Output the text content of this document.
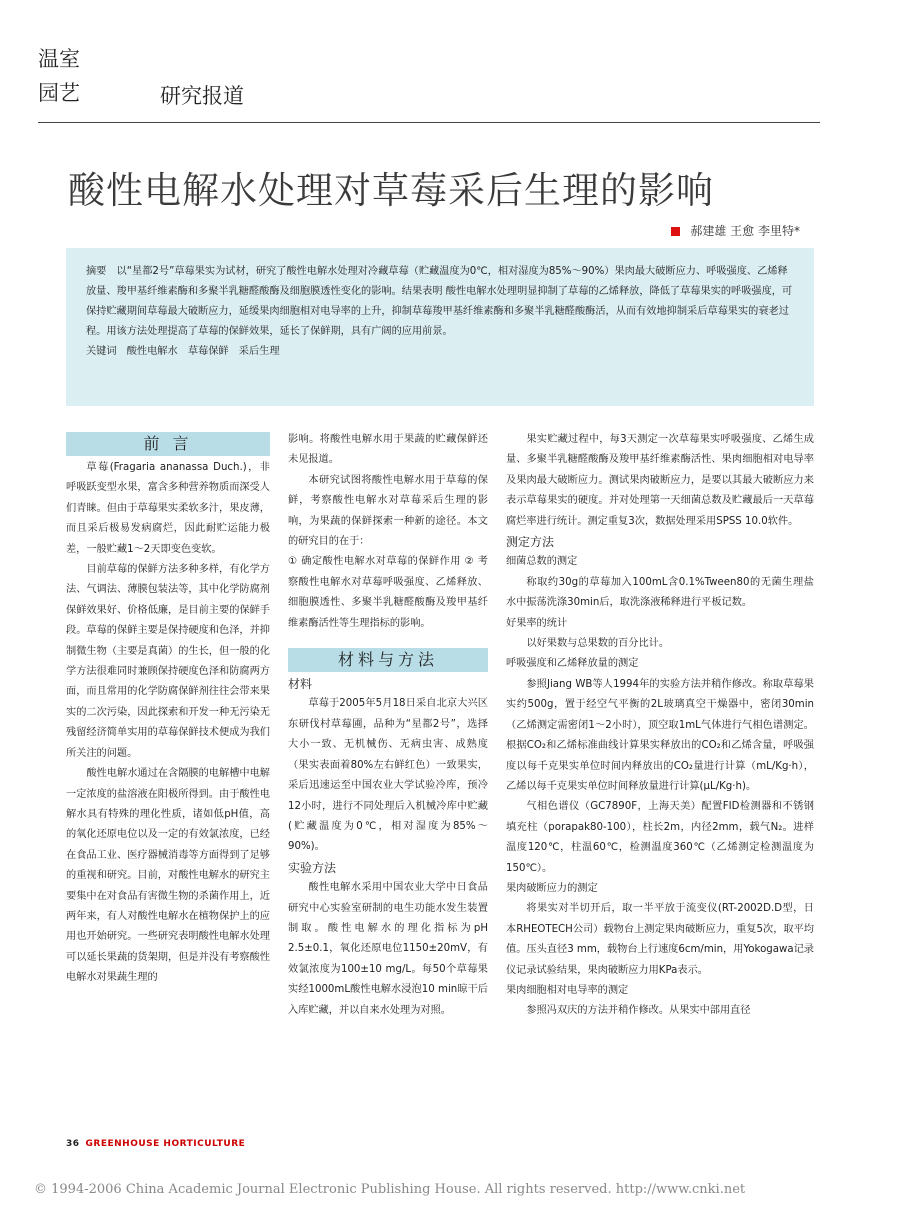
温室
园艺	研究报道
酸性电解水处理对草莓采后生理的影响
郝建雄 王愈 李里特*

摘要　以“星都2号”草莓果实为试材，研究了酸性电解水处理对冷藏草莓（贮藏温度为0℃，相对湿度为85%～90%）果肉最大破断应力、呼吸强度、乙烯释放量、羧甲基纤维素酶和多聚半乳糖醛酸酶及细胞膜透性变化的影响。结果表明 酸性电解水处理明显抑制了草莓的乙烯释放，降低了草莓果实的呼吸强度，可保持贮藏期间草莓最大破断应力，延缓果肉细胞相对电导率的上升，抑制草莓羧甲基纤维素酶和多聚半乳糖醛酸酶活，从而有效地抑制采后草莓果实的衰老过程。用该方法处理提高了草莓的保鲜效果，延长了保鲜期，具有广阔的应用前景。

关键词　酸性电解水　草莓保鲜　采后生理

前 言

草莓(Fragaria ananassa Duch.)，非呼吸跃变型水果，富含多种营养物质而深受人们青睐。但由于草莓果实柔软多汁，果皮薄，而且采后极易发病腐烂，因此耐贮运能力极差，一般贮藏1～2天即变色变软。

目前草莓的保鲜方法多种多样，有化学方法、气调法、薄膜包装法等，其中化学防腐剂保鲜效果好、价格低廉，是目前主要的保鲜手段。草莓的保鲜主要是保持硬度和色泽，并抑制微生物（主要是真菌）的生长，但一般的化学方法很难同时兼顾保持硬度色泽和防腐两方面，而且常用的化学防腐保鲜剂往往会带来果实的二次污染，因此探索和开发一种无污染无残留经济简单实用的草莓保鲜技术便成为我们所关注的问题。

酸性电解水通过在含隔膜的电解槽中电解一定浓度的盐溶液在阳极所得到。由于酸性电解水具有特殊的理化性质，诸如低pH值，高的氧化还原电位以及一定的有效氯浓度，已经在食品工业、医疗器械消毒等方面得到了足够的重视和研究。目前，对酸性电解水的研究主要集中在对食品有害微生物的杀菌作用上，近两年来，有人对酸性电解水在植物保护上的应用也开始研究。一些研究表明酸性电解水处理可以延长果蔬的货架期，但是并没有考察酸性电解水对果蔬生理的

影响。将酸性电解水用于果蔬的贮藏保鲜还未见报道。

本研究试图将酸性电解水用于草莓的保鲜，考察酸性电解水对草莓采后生理的影响，为果蔬的保鲜探索一种新的途径。本文的研究目的在于：

① 确定酸性电解水对草莓的保鲜作用 ② 考察酸性电解水对草莓呼吸强度、乙烯释放、细胞膜透性、多聚半乳糖醛酸酶及羧甲基纤维素酶活性等生理指标的影响。

材料与方法

材料

草莓于2005年5月18日采自北京大兴区东研伐村草莓圃，品种为“星都2号”，选择大小一致、无机械伤、无病虫害、成熟度（果实表面着80%左右鲜红色）一致果实，采后迅速运至中国农业大学试验冷库，预冷12小时，进行不同处理后入机械冷库中贮藏(贮藏温度为0℃，相对湿度为85%～90%)。

实验方法

酸性电解水采用中国农业大学中日食品研究中心实验室研制的电生功能水发生装置制取。酸性电解水的理化指标为pH 2.5±0.1，氧化还原电位1150±20mV，有效氯浓度为100±10 mg/L。每50个草莓果实经1000mL酸性电解水浸泡10 min晾干后入库贮藏，并以自来水处理为对照。

果实贮藏过程中，每3天测定一次草莓果实呼吸强度、乙烯生成量、多聚半乳糖醛酸酶及羧甲基纤维素酶活性、果肉细胞相对电导率及果肉最大破断应力。测试果肉破断应力，是要以其最大破断应力来表示草莓果实的硬度。并对处理第一天细菌总数及贮藏最后一天草莓腐烂率进行统计。测定重复3次，数据处理采用SPSS 10.0软件。

测定方法

细菌总数的测定

称取约30g的草莓加入100mL含0.1%Tween80的无菌生理盐水中振荡洗涤30min后，取洗涤液稀释进行平板记数。

好果率的统计

以好果数与总果数的百分比计。

呼吸强度和乙烯释放量的测定

参照Jiang WB等人1994年的实验方法并稍作修改。称取草莓果实约500g，置于经空气平衡的2L玻璃真空干燥器中，密闭30min（乙烯测定需密闭1～2小时），顶空取1mL气体进行气相色谱测定。根据CO₂和乙烯标准曲线计算果实释放出的CO₂和乙烯含量，呼吸强度以每千克果实单位时间内释放出的CO₂量进行计算（mL/Kg·h），乙烯以每千克果实单位时间释放量进行计算(μL/Kg·h)。

气相色谱仪（GC7890F，上海天美）配置FID检测器和不锈钢填充柱（porapak80-100），柱长2m，内径2mm，载气N₂。进样温度120℃，柱温60℃，检测温度360℃（乙烯测定检测温度为150℃）。

果肉破断应力的测定

将果实对半切开后，取一半平放于流变仪(RT-2002D.D型，日本RHEOTECH公司）载物台上测定果肉破断应力，重复5次，取平均值。压头直径3 mm，载物台上行速度6cm/min，用Yokogawa记录仪记录试验结果，果肉破断应力用KPa表示。

果肉细胞相对电导率的测定

参照冯双庆的方法并稍作修改。从果实中部用直径

36 GREENHOUSE HORTICULTURE
© 1994-2006 China Academic Journal Electronic Publishing House. All rights reserved. http://www.cnki.net
